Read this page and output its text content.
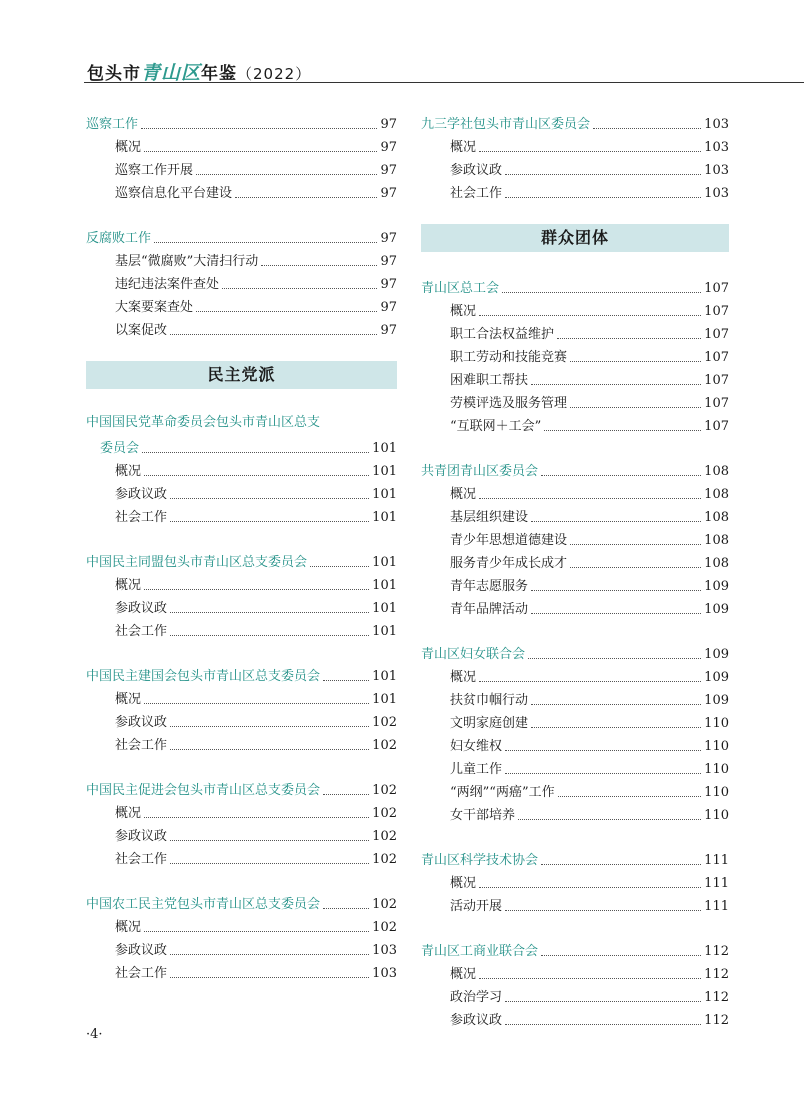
包头市青山区年鉴（2022）
巡察工作	97
概况	97
巡察工作开展	97
巡察信息化平台建设	97
反腐败工作	97
基层“微腐败”大清扫行动	97
违纪违法案件查处	97
大案要案查处	97
以案促改	97
民主党派
中国国民党革命委员会包头市青山区总支
委员会	101
概况	101
参政议政	101
社会工作	101
中国民主同盟包头市青山区总支委员会	101
概况	101
参政议政	101
社会工作	101
中国民主建国会包头市青山区总支委员会	101
概况	101
参政议政	102
社会工作	102
中国民主促进会包头市青山区总支委员会	102
概况	102
参政议政	102
社会工作	102
中国农工民主党包头市青山区总支委员会	102
概况	102
参政议政	103
社会工作	103
九三学社包头市青山区委员会	103
概况	103
参政议政	103
社会工作	103
群众团体
青山区总工会	107
概况	107
职工合法权益维护	107
职工劳动和技能竞赛	107
困难职工帮扶	107
劳模评选及服务管理	107
“互联网＋工会”	107
共青团青山区委员会	108
概况	108
基层组织建设	108
青少年思想道德建设	108
服务青少年成长成才	108
青年志愿服务	109
青年品牌活动	109
青山区妇女联合会	109
概况	109
扶贫巾帼行动	109
文明家庭创建	110
妇女维权	110
儿童工作	110
“两纲”“两癌”工作	110
女干部培养	110
青山区科学技术协会	111
概况	111
活动开展	111
青山区工商业联合会	112
概况	112
政治学习	112
参政议政	112
·4·
